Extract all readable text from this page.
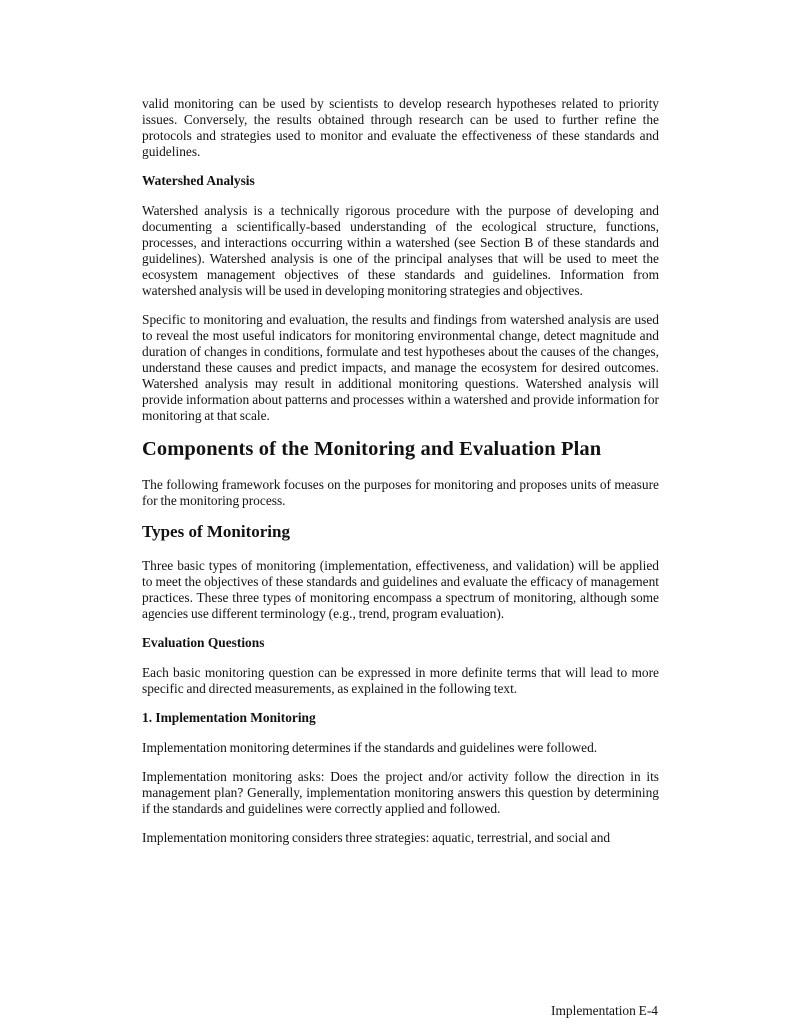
valid monitoring can be used by scientists to develop research hypotheses related to priority issues. Conversely, the results obtained through research can be used to further refine the protocols and strategies used to monitor and evaluate the effectiveness of these standards and guidelines.

Watershed Analysis

Watershed analysis is a technically rigorous procedure with the purpose of developing and documenting a scientifically-based understanding of the ecological structure, functions, processes, and interactions occurring within a watershed (see Section B of these standards and guidelines). Watershed analysis is one of the principal analyses that will be used to meet the ecosystem management objectives of these standards and guidelines. Information from watershed analysis will be used in developing monitoring strategies and objectives.

Specific to monitoring and evaluation, the results and findings from watershed analysis are used to reveal the most useful indicators for monitoring environmental change, detect magnitude and duration of changes in conditions, formulate and test hypotheses about the causes of the changes, understand these causes and predict impacts, and manage the ecosystem for desired outcomes. Watershed analysis may result in additional monitoring questions. Watershed analysis will provide information about patterns and processes within a watershed and provide information for monitoring at that scale.

Components of the Monitoring and Evaluation Plan

The following framework focuses on the purposes for monitoring and proposes units of measure for the monitoring process.

Types of Monitoring

Three basic types of monitoring (implementation, effectiveness, and validation) will be applied to meet the objectives of these standards and guidelines and evaluate the efficacy of management practices. These three types of monitoring encompass a spectrum of monitoring, although some agencies use different terminology (e.g., trend, program evaluation).

Evaluation Questions

Each basic monitoring question can be expressed in more definite terms that will lead to more specific and directed measurements, as explained in the following text.

1. Implementation Monitoring

Implementation monitoring determines if the standards and guidelines were followed.

Implementation monitoring asks: Does the project and/or activity follow the direction in its management plan? Generally, implementation monitoring answers this question by determining if the standards and guidelines were correctly applied and followed.

Implementation monitoring considers three strategies: aquatic, terrestrial, and social and

Implementation E-4
